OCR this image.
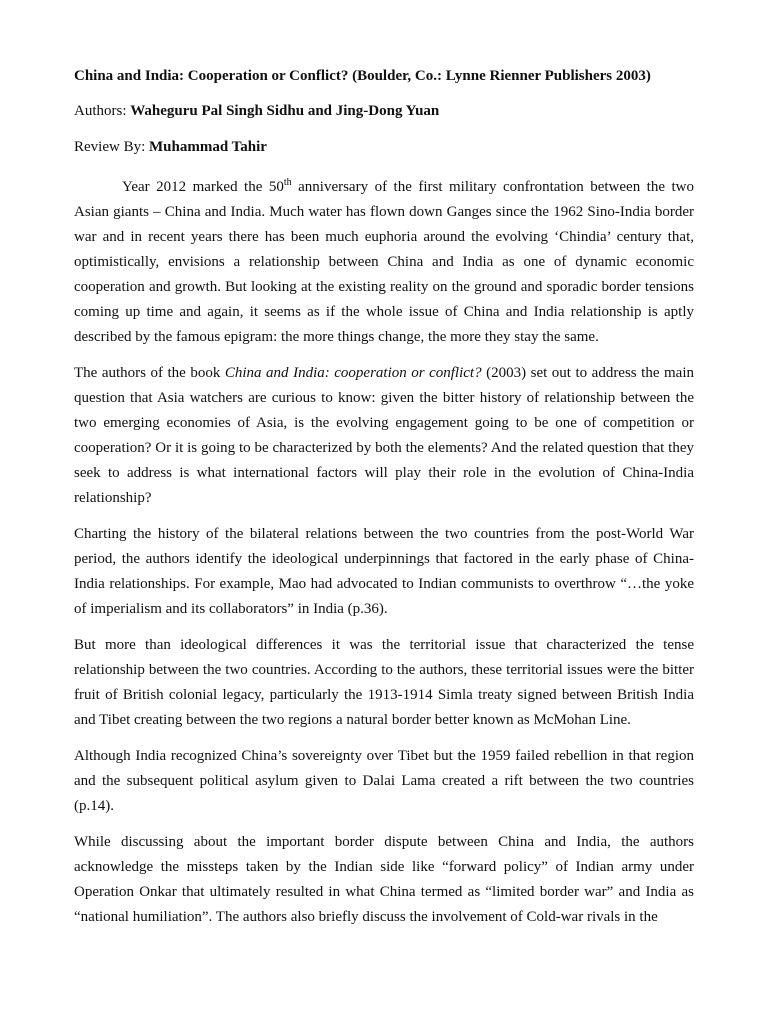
China and India: Cooperation or Conflict? (Boulder, Co.: Lynne Rienner Publishers 2003)
Authors: Waheguru Pal Singh Sidhu and Jing-Dong Yuan
Review By: Muhammad Tahir

Year 2012 marked the 50th anniversary of the first military confrontation between the two Asian giants – China and India. Much water has flown down Ganges since the 1962 Sino-India border war and in recent years there has been much euphoria around the evolving ‘Chindia’ century that, optimistically, envisions a relationship between China and India as one of dynamic economic cooperation and growth. But looking at the existing reality on the ground and sporadic border tensions coming up time and again, it seems as if the whole issue of China and India relationship is aptly described by the famous epigram: the more things change, the more they stay the same.

The authors of the book China and India: cooperation or conflict? (2003) set out to address the main question that Asia watchers are curious to know: given the bitter history of relationship between the two emerging economies of Asia, is the evolving engagement going to be one of competition or cooperation? Or it is going to be characterized by both the elements? And the related question that they seek to address is what international factors will play their role in the evolution of China-India relationship?

Charting the history of the bilateral relations between the two countries from the post-World War period, the authors identify the ideological underpinnings that factored in the early phase of China-India relationships. For example, Mao had advocated to Indian communists to overthrow “…the yoke of imperialism and its collaborators” in India (p.36).

But more than ideological differences it was the territorial issue that characterized the tense relationship between the two countries. According to the authors, these territorial issues were the bitter fruit of British colonial legacy, particularly the 1913-1914 Simla treaty signed between British India and Tibet creating between the two regions a natural border better known as McMohan Line.

Although India recognized China’s sovereignty over Tibet but the 1959 failed rebellion in that region and the subsequent political asylum given to Dalai Lama created a rift between the two countries (p.14).

While discussing about the important border dispute between China and India, the authors acknowledge the missteps taken by the Indian side like “forward policy” of Indian army under Operation Onkar that ultimately resulted in what China termed as “limited border war” and India as “national humiliation”. The authors also briefly discuss the involvement of Cold-war rivals in the
